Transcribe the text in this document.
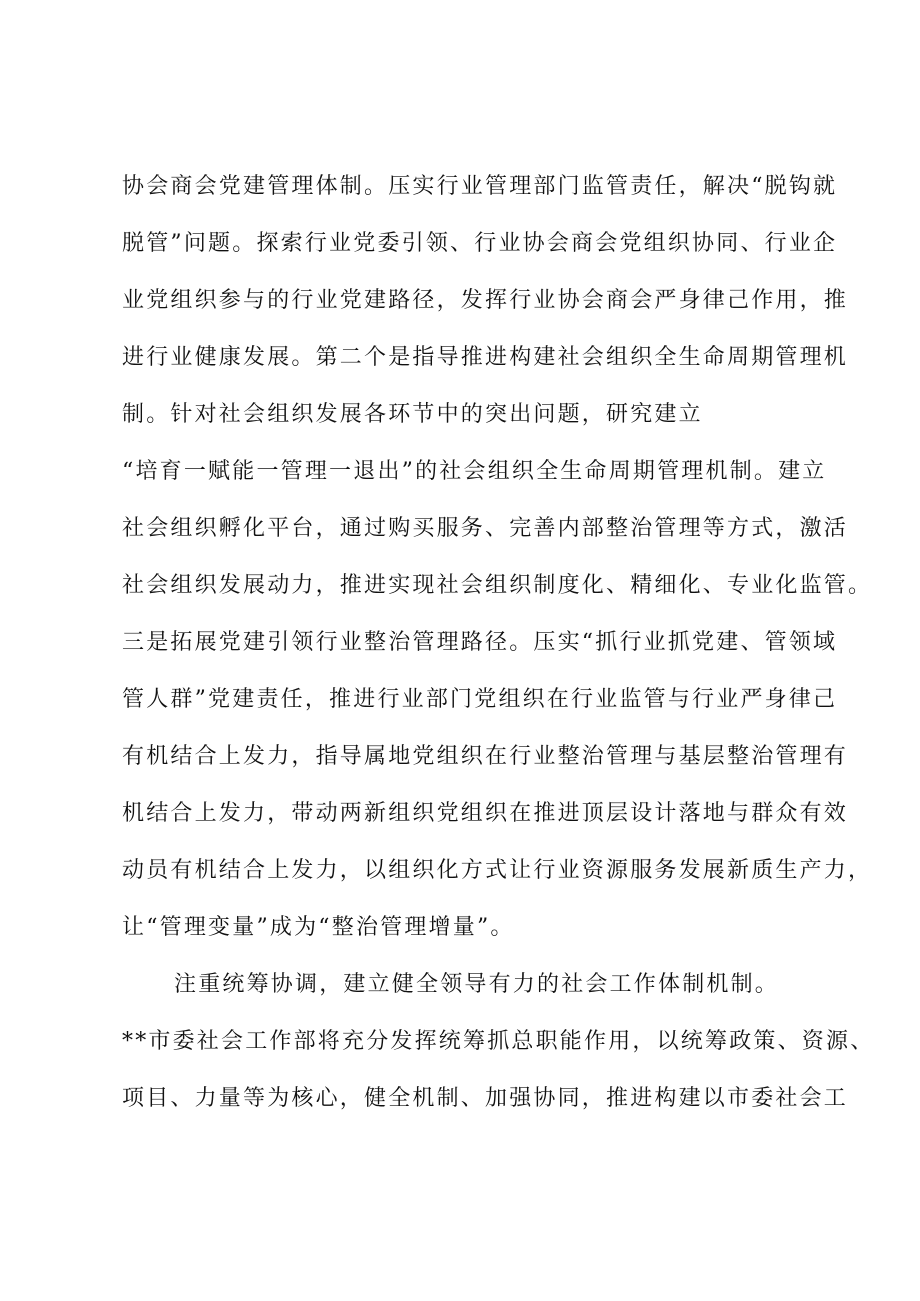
协会商会党建管理体制。压实行业管理部门监管责任，解决“脱钩就
脱管”问题。探索行业党委引领、行业协会商会党组织协同、行业企
业党组织参与的行业党建路径，发挥行业协会商会严身律己作用，推
进行业健康发展。第二个是指导推进构建社会组织全生命周期管理机
制。针对社会组织发展各环节中的突出问题，研究建立
“培育一赋能一管理一退出”的社会组织全生命周期管理机制。建立
社会组织孵化平台，通过购买服务、完善内部整治管理等方式，激活
社会组织发展动力，推进实现社会组织制度化、精细化、专业化监管。
三是拓展党建引领行业整治管理路径。压实“抓行业抓党建、管领域
管人群”党建责任，推进行业部门党组织在行业监管与行业严身律己
有机结合上发力，指导属地党组织在行业整治管理与基层整治管理有
机结合上发力，带动两新组织党组织在推进顶层设计落地与群众有效
动员有机结合上发力，以组织化方式让行业资源服务发展新质生产力，
让“管理变量”成为“整治管理增量”。
注重统筹协调，建立健全领导有力的社会工作体制机制。
**市委社会工作部将充分发挥统筹抓总职能作用，以统筹政策、资源、
项目、力量等为核心，健全机制、加强协同，推进构建以市委社会工
